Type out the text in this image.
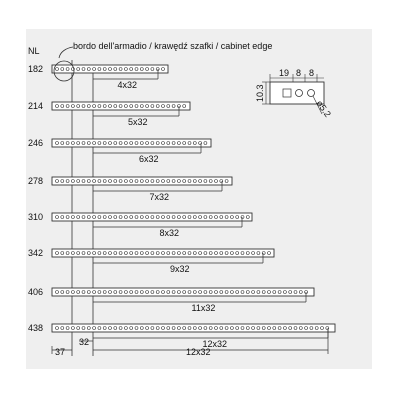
182
4x32
214
5x32
246
6x32
278
7x32
310
8x32
342
9x32
406
11x32
438
12x32
NL	bordo dell'armadio / krawędź szafki / cabinet edge
19 8 8
10.3
ø5.2
37
32
12x32
